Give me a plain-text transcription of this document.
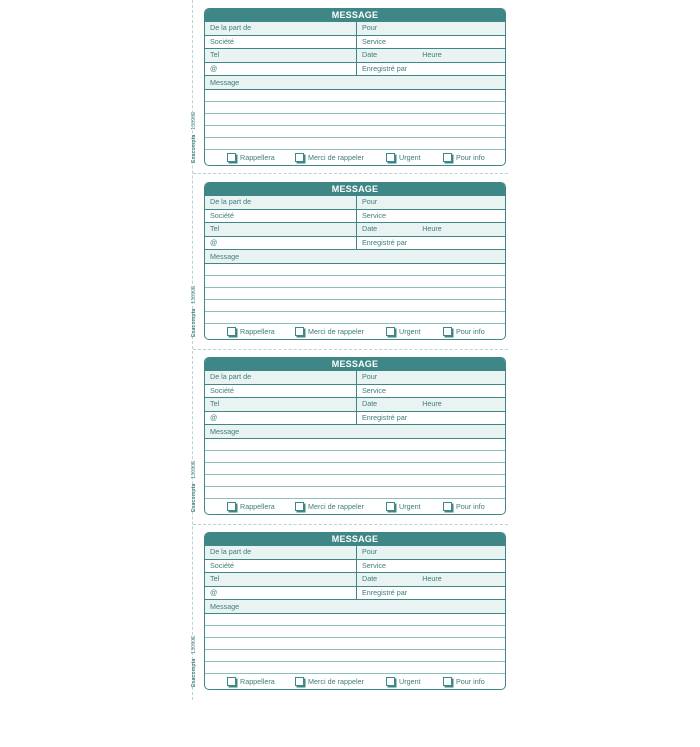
MESSAGE
De la part de	Pour
Société	Service
Tel	Date	Heure
@	Enregistré par
Message
Rappellera	Merci de rappeler	Urgent	Pour info
Exacompta   13090E
MESSAGE
De la part de	Pour
Société	Service
Tel	Date	Heure
@	Enregistré par
Message
Rappellera	Merci de rappeler	Urgent	Pour info
Exacompta   13090E
MESSAGE
De la part de	Pour
Société	Service
Tel	Date	Heure
@	Enregistré par
Message
Rappellera	Merci de rappeler	Urgent	Pour info
Exacompta   13090E
MESSAGE
De la part de	Pour
Société	Service
Tel	Date	Heure
@	Enregistré par
Message
Rappellera	Merci de rappeler	Urgent	Pour info
Exacompta   13090E
